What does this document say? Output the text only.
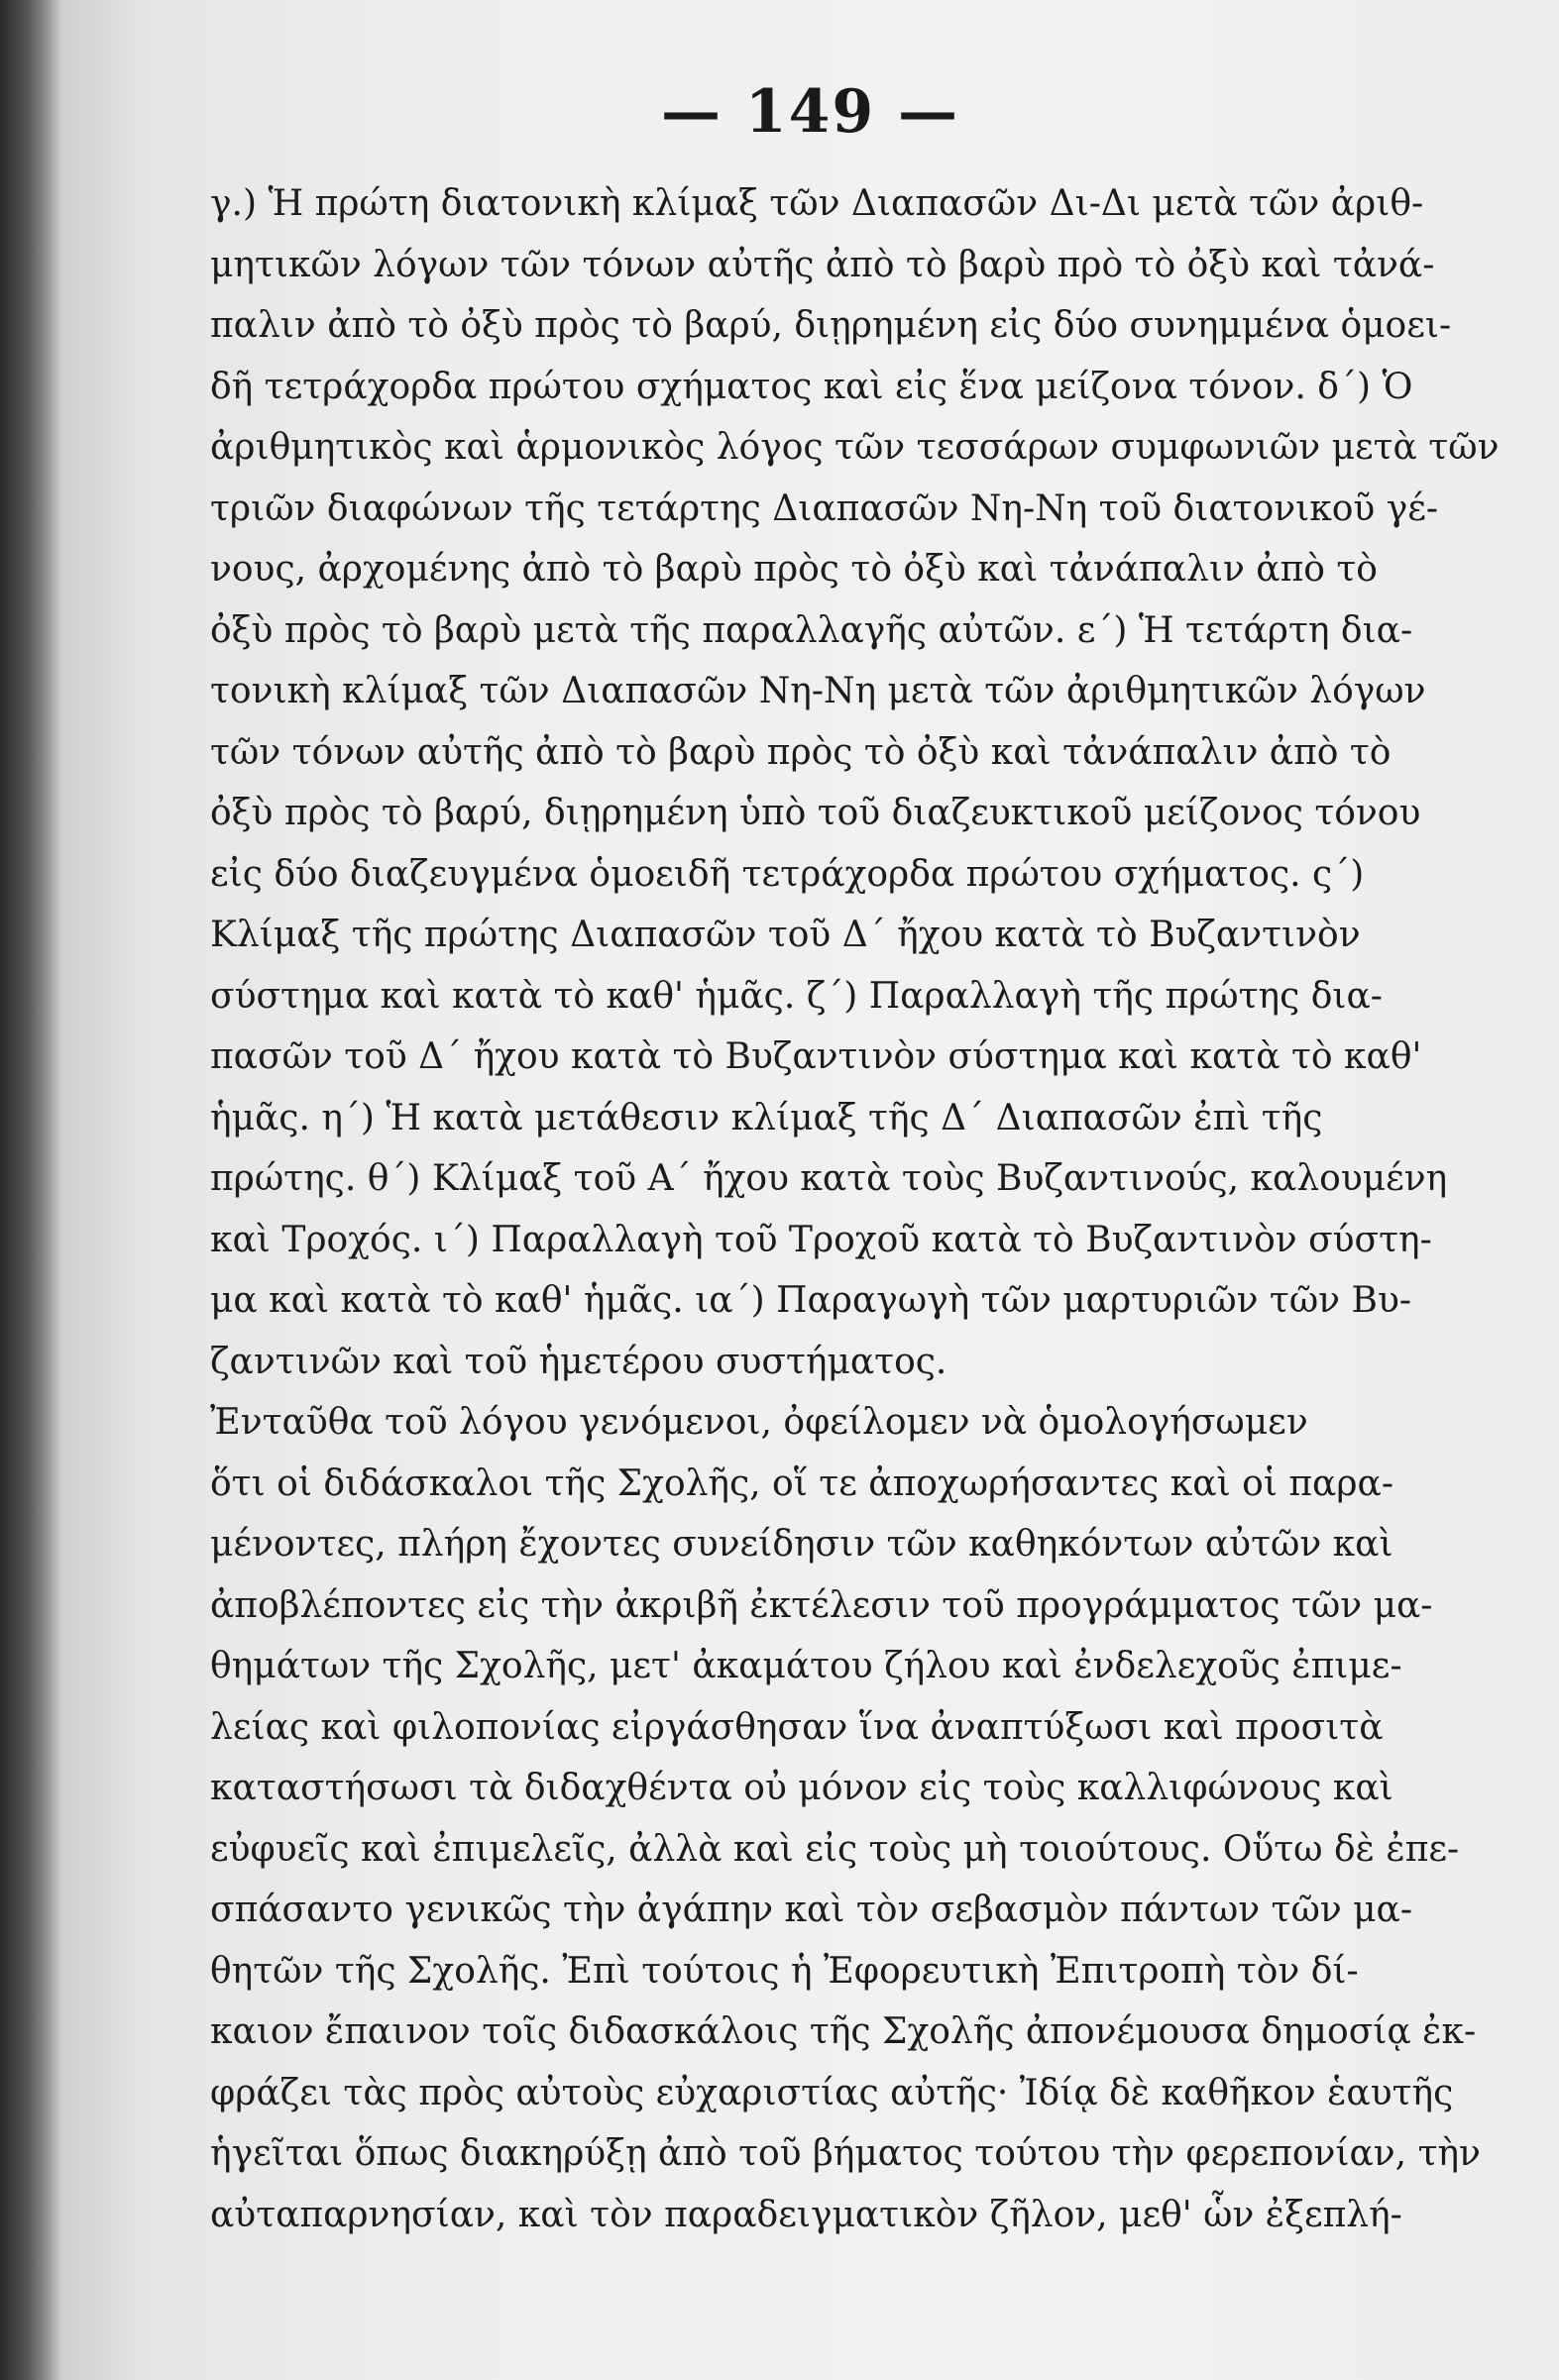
— 149 —
γ.) Ἡ πρώτη διατονικὴ κλίμαξ τῶν Διαπασῶν Δι-Δι μετὰ τῶν ἀριθ-
μητικῶν λόγων τῶν τόνων αὐτῆς ἀπὸ τὸ βαρὺ πρὸ τὸ ὀξὺ καὶ τἀνά-
παλιν ἀπὸ τὸ ὀξὺ πρὸς τὸ βαρύ, διῃρημένη εἰς δύο συνημμένα ὁμοει-
δῆ τετράχορδα πρώτου σχήματος καὶ εἰς ἕνα μείζονα τόνον. δ΄) Ὁ
ἀριθμητικὸς καὶ ἁρμονικὸς λόγος τῶν τεσσάρων συμφωνιῶν μετὰ τῶν
τριῶν διαφώνων τῆς τετάρτης Διαπασῶν Νη-Νη τοῦ διατονικοῦ γέ-
νους, ἀρχομένης ἀπὸ τὸ βαρὺ πρὸς τὸ ὀξὺ καὶ τἀνάπαλιν ἀπὸ τὸ
ὀξὺ πρὸς τὸ βαρὺ μετὰ τῆς παραλλαγῆς αὐτῶν. ε΄) Ἡ τετάρτη δια-
τονικὴ κλίμαξ τῶν Διαπασῶν Νη-Νη μετὰ τῶν ἀριθμητικῶν λόγων
τῶν τόνων αὐτῆς ἀπὸ τὸ βαρὺ πρὸς τὸ ὀξὺ καὶ τἀνάπαλιν ἀπὸ τὸ
ὀξὺ πρὸς τὸ βαρύ, διῃρημένη ὑπὸ τοῦ διαζευκτικοῦ μείζονος τόνου
εἰς δύο διαζευγμένα ὁμοειδῆ τετράχορδα πρώτου σχήματος. ς΄)
Κλίμαξ τῆς πρώτης Διαπασῶν τοῦ Δ΄ ἤχου κατὰ τὸ Βυζαντινὸν
σύστημα καὶ κατὰ τὸ καθ' ἡμᾶς. ζ΄) Παραλλαγὴ τῆς πρώτης δια-
πασῶν τοῦ Δ΄ ἤχου κατὰ τὸ Βυζαντινὸν σύστημα καὶ κατὰ τὸ καθ'
ἡμᾶς. η΄) Ἡ κατὰ μετάθεσιν κλίμαξ τῆς Δ΄ Διαπασῶν ἐπὶ τῆς
πρώτης. θ΄) Κλίμαξ τοῦ Α΄ ἤχου κατὰ τοὺς Βυζαντινούς, καλουμένη
καὶ Τροχός. ι΄) Παραλλαγὴ τοῦ Τροχοῦ κατὰ τὸ Βυζαντινὸν σύστη-
μα καὶ κατὰ τὸ καθ' ἡμᾶς. ια΄) Παραγωγὴ τῶν μαρτυριῶν τῶν Βυ-
ζαντινῶν καὶ τοῦ ἡμετέρου συστήματος.
Ἐνταῦθα τοῦ λόγου γενόμενοι, ὀφείλομεν νὰ ὁμολογήσωμεν
ὅτι οἱ διδάσκαλοι τῆς Σχολῆς, οἵ τε ἀποχωρήσαντες καὶ οἱ παρα-
μένοντες, πλήρη ἔχοντες συνείδησιν τῶν καθηκόντων αὐτῶν καὶ
ἀποβλέποντες εἰς τὴν ἀκριβῆ ἐκτέλεσιν τοῦ προγράμματος τῶν μα-
θημάτων τῆς Σχολῆς, μετ' ἀκαμάτου ζήλου καὶ ἐνδελεχοῦς ἐπιμε-
λείας καὶ φιλοπονίας εἰργάσθησαν ἵνα ἀναπτύξωσι καὶ προσιτὰ
καταστήσωσι τὰ διδαχθέντα οὐ μόνον εἰς τοὺς καλλιφώνους καὶ
εὐφυεῖς καὶ ἐπιμελεῖς, ἀλλὰ καὶ εἰς τοὺς μὴ τοιούτους. Οὕτω δὲ ἐπε-
σπάσαντο γενικῶς τὴν ἀγάπην καὶ τὸν σεβασμὸν πάντων τῶν μα-
θητῶν τῆς Σχολῆς. Ἐπὶ τούτοις ἡ Ἐφορευτικὴ Ἐπιτροπὴ τὸν δί-
καιον ἔπαινον τοῖς διδασκάλοις τῆς Σχολῆς ἀπονέμουσα δημοσίᾳ ἐκ-
φράζει τὰς πρὸς αὐτοὺς εὐχαριστίας αὐτῆς· Ἰδίᾳ δὲ καθῆκον ἑαυτῆς
ἡγεῖται ὅπως διακηρύξῃ ἀπὸ τοῦ βήματος τούτου τὴν φερεπονίαν, τὴν
αὐταπαρνησίαν, καὶ τὸν παραδειγματικὸν ζῆλον, μεθ' ὧν ἐξεπλή-
